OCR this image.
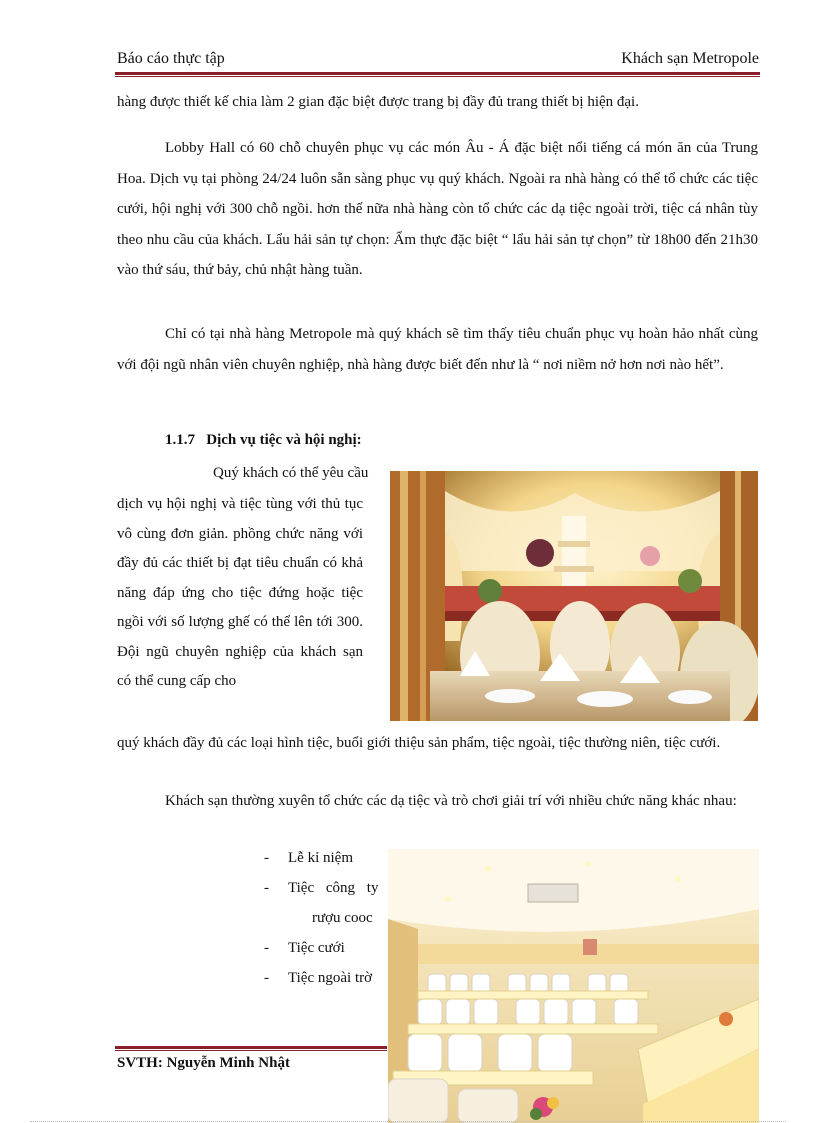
Báo cáo thực tập	Khách sạn Metropole
hàng được thiết kế chia làm 2 gian đặc biệt được trang bị đầy đủ trang thiết bị hiện đại.
Lobby Hall có 60 chỗ chuyên phục vụ các món Âu - Á đặc biệt nổi tiếng cá món ăn của Trung Hoa. Dịch vụ tại phòng 24/24 luôn sẵn sàng phục vụ quý khách. Ngoài ra nhà hàng có thể tổ chức các tiệc cưới, hội nghị với 300 chỗ ngồi. hơn thế nữa nhà hàng còn tổ chức các dạ tiệc ngoài trời, tiệc cá nhân tùy theo nhu cầu của khách. Lẩu hải sản tự chọn: Ẩm thực đặc biệt “ lẩu hải sản tự chọn” từ 18h00 đến 21h30 vào thứ sáu, thứ bảy, chủ nhật hàng tuần.
Chỉ có tại nhà hàng Metropole mà quý khách sẽ tìm thấy tiêu chuẩn phục vụ hoàn hảo nhất cùng với đội ngũ nhân viên chuyên nghiệp, nhà hàng được biết đến như là “ nơi niềm nở hơn nơi nào hết”.
1.1.7 Dịch vụ tiệc và hội nghị:
Quý khách có thể yêu cầu
dịch vụ hội nghị và tiệc tùng với thủ tục vô cùng đơn giản. phồng chức năng với đầy đủ các thiết bị đạt tiêu chuẩn có khả năng đáp ứng cho tiệc đứng hoặc tiệc ngồi với số lượng ghế có thể lên tới 300. Đội ngũ chuyên nghiệp của khách sạn có thể cung cấp cho
quý khách đầy đủ các loại hình tiệc, buổi giới thiệu sản phẩm, tiệc ngoài, tiệc thường niên, tiệc cưới.
Khách sạn thường xuyên tổ chức các dạ tiệc và trò chơi giải trí với nhiều chức năng khác nhau:
- Lễ kỉ niệm
- Tiệc công ty
rượu cooc
- Tiệc cưới
- Tiệc ngoài trờ
SVTH: Nguyễn Minh Nhật
